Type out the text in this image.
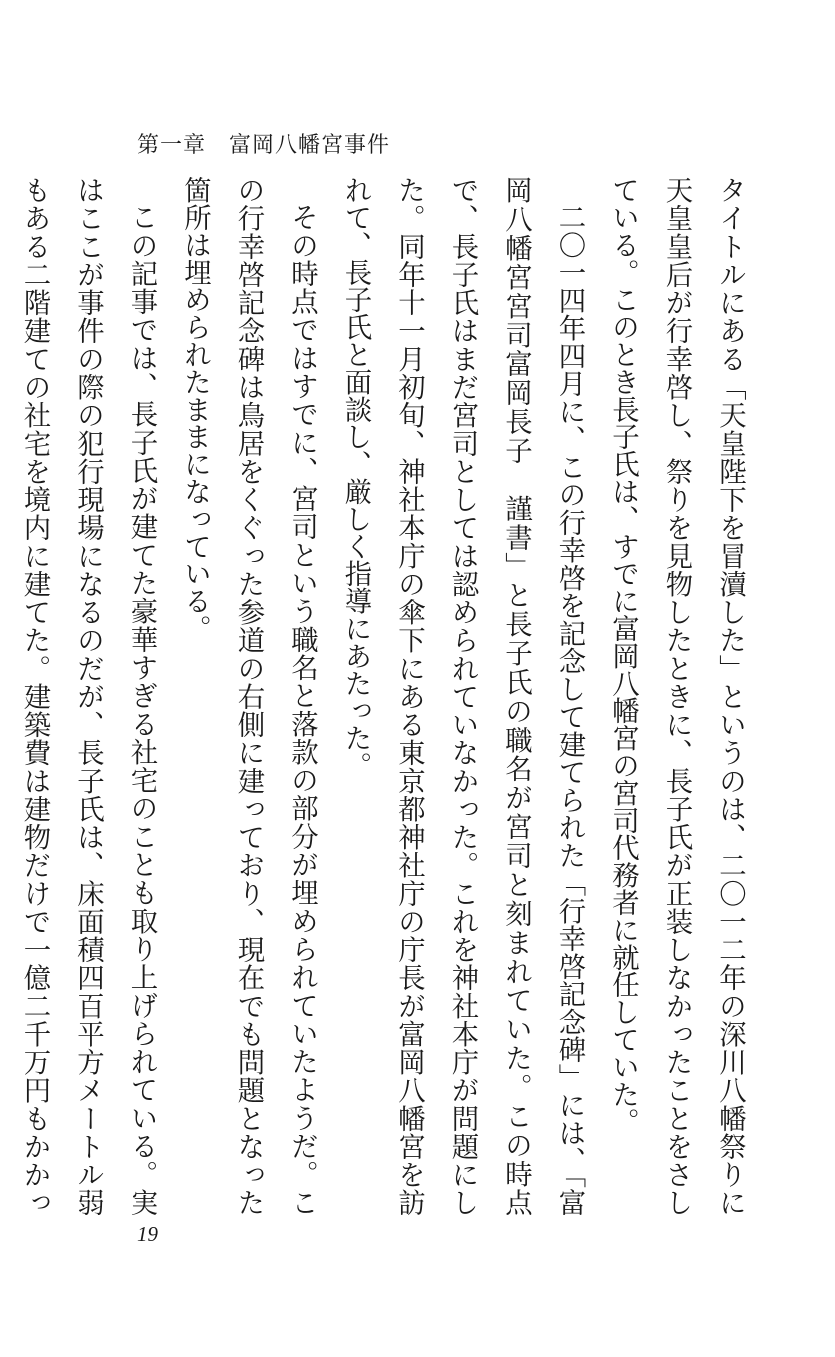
第一章　富岡八幡宮事件

タイトルにある「天皇陛下を冒瀆した」というのは、二〇一二年の深川八幡祭りに天皇皇后が行幸啓し、祭りを見物したときに、長子氏が正装しなかったことをさしている。このとき長子氏は、すでに富岡八幡宮の宮司代務者に就任していた。

二〇一四年四月に、この行幸啓を記念して建てられた「行幸啓記念碑」には、「富岡八幡宮宮司富岡長子　謹書」と長子氏の職名が宮司と刻まれていた。この時点で、長子氏はまだ宮司としては認められていなかった。これを神社本庁が問題にした。同年十一月初旬、神社本庁の傘下にある東京都神社庁の庁長が富岡八幡宮を訪れて、長子氏と面談し、厳しく指導にあたった。

その時点ではすでに、宮司という職名と落款の部分が埋められていたようだ。この行幸啓記念碑は鳥居をくぐった参道の右側に建っており、現在でも問題となった箇所は埋められたままになっている。

この記事では、長子氏が建てた豪華すぎる社宅のことも取り上げられている。実はここが事件の際の犯行現場になるのだが、長子氏は、床面積四百平方メートル弱もある二階建ての社宅を境内に建てた。建築費は建物だけで一億二千万円もかかっ

19
